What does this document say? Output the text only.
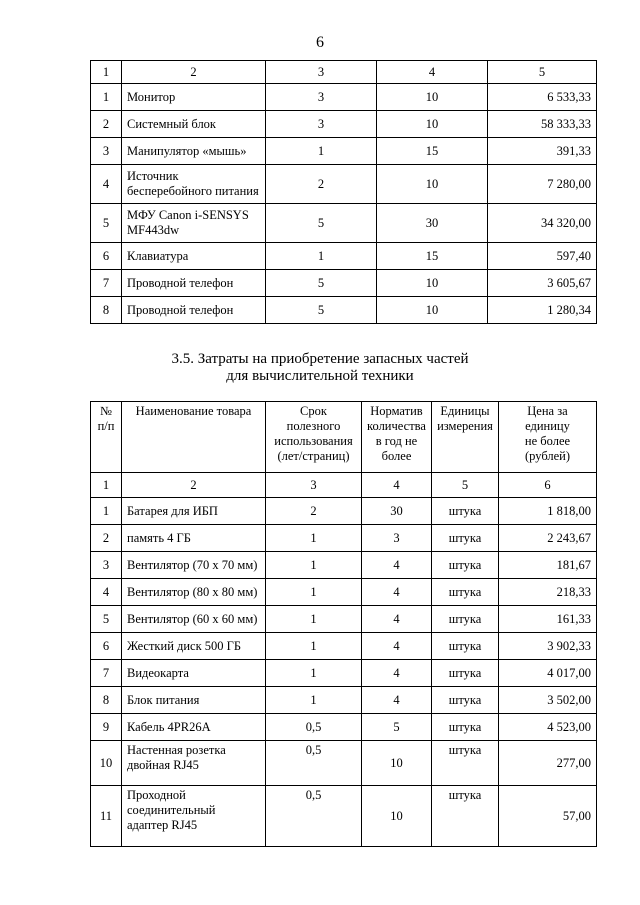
6
1	2	3	4	5
1	Монитор	3	10	6 533,33
2	Системный блок	3	10	58 333,33
3	Манипулятор «мышь»	1	15	391,33
4	Источник
бесперебойного питания	2	10	7 280,00
5	МФУ Canon i-SENSYS
MF443dw	5	30	34 320,00
6	Клавиатура	1	15	597,40
7	Проводной телефон	5	10	3 605,67
8	Проводной телефон	5	10	1 280,34
3.5. Затраты на приобретение запасных частей
для вычислительной техники
№
п/п	Наименование товара	Срок
полезного
использования
(лет/страниц)	Норматив
количества
в год не
более	Единицы
измерения	Цена за
единицу
не более
(рублей)

1	2	3	4	5	6
1	Батарея для ИБП	2	30	штука	1 818,00
2	память 4 ГБ	1	3	штука	2 243,67
3	Вентилятор (70 х 70 мм)	1	4	штука	181,67
4	Вентилятор (80 х 80 мм)	1	4	штука	218,33
5	Вентилятор (60 х 60 мм)	1	4	штука	161,33
6	Жесткий диск 500 ГБ	1	4	штука	3 902,33
7	Видеокарта	1	4	штука	4 017,00
8	Блок питания	1	4	штука	3 502,00
9	Кабель 4PR26A	0,5	5	штука	4 523,00
10	Настенная розетка
двойная RJ45	0,5	10	штука	277,00
11	Проходной
соединительный
адаптер RJ45	0,5	10	штука	57,00
